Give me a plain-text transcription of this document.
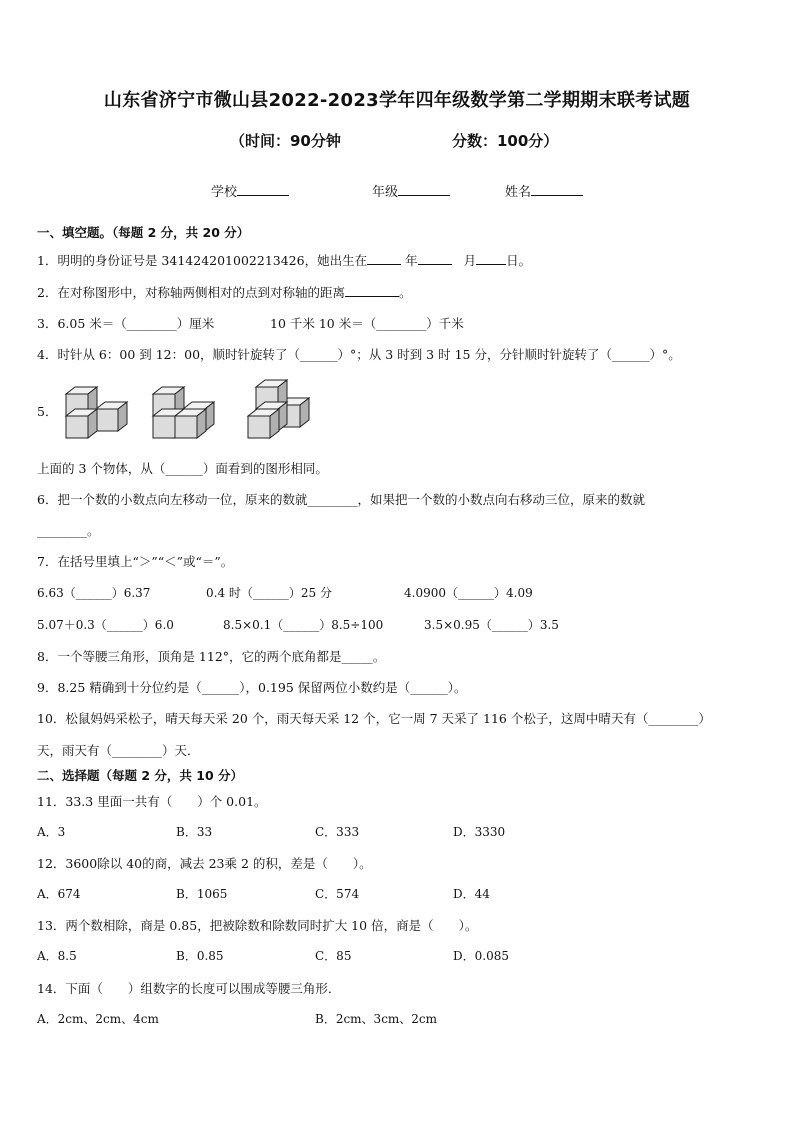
山东省济宁市微山县2022-2023学年四年级数学第二学期期末联考试题
（时间：90分钟	分数：100分）
学校	年级	姓名
一、填空题。（每题 2 分，共 20 分）
1．明明的身份证号是 341424201002213426，她出生在	年	月 日。
2．在对称图形中，对称轴两侧相对的点到对称轴的距离	。
3．6.05 米＝（________）厘米	10 千米 10 米＝（________）千米
4．时针从 6：00 到 12：00，顺时针旋转了（______）°；从 3 时到 3 时 15 分，分针顺时针旋转了（______）°。
5．
上面的 3 个物体，从（______）面看到的图形相同。
6．把一个数的小数点向左移动一位，原来的数就________，如果把一个数的小数点向右移动三位，原来的数就
________。
7．在括号里填上“＞”“＜”或“＝”。
6.63（______）6.37	0.4 时（______）25 分	4.0900（______）4.09
5.07＋0.3（______）6.0	8.5×0.1（______）8.5÷100	3.5×0.95（______）3.5
8．一个等腰三角形，顶角是 112°，它的两个底角都是_____。
9．8.25 精确到十分位约是（______），0.195 保留两位小数约是（______）。
10．松鼠妈妈采松子，晴天每天采 20 个，雨天每天采 12 个，它一周 7 天采了 116 个松子，这周中晴天有（________）
天，雨天有（________）天．
二、选择题（每题 2 分，共 10 分）
11．33.3 里面一共有（　　）个 0.01。
A．3	B．33	C．333	D．3330
12．3600除以 40的商，减去 23乘 2 的积，差是（　　）。
A．674	B．1065	C．574	D．44
13．两个数相除，商是 0.85，把被除数和除数同时扩大 10 倍，商是（　　）。
A．8.5	B．0.85	C．85	D．0.085
14．下面（　　）组数字的长度可以围成等腰三角形．
A．2cm、2cm、4cm	B．2cm、3cm、2cm
